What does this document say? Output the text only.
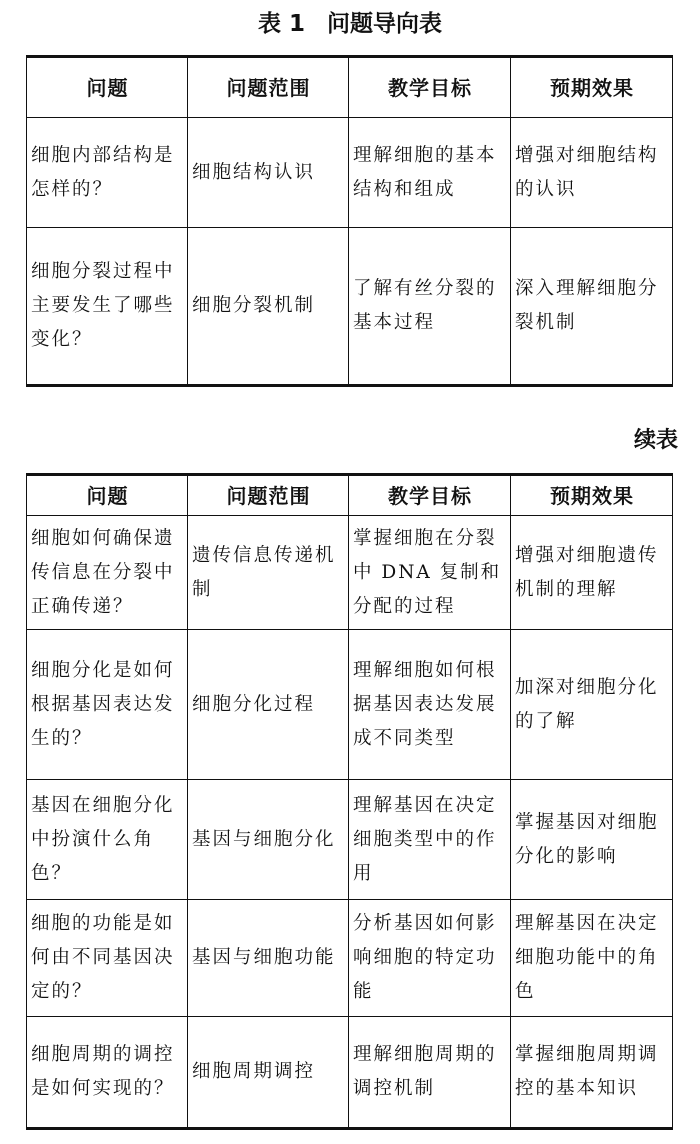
表 1 问题导向表
问题	问题范围	教学目标	预期效果
细胞内部结构是怎样的？	细胞结构认识	理解细胞的基本结构和组成	增强对细胞结构的认识
细胞分裂过程中主要发生了哪些变化？	细胞分裂机制	了解有丝分裂的基本过程	深入理解细胞分裂机制
续表
问题	问题范围	教学目标	预期效果
细胞如何确保遗传信息在分裂中正确传递？	遗传信息传递机制	掌握细胞在分裂中 DNA 复制和分配的过程	增强对细胞遗传机制的理解
细胞分化是如何根据基因表达发生的？	细胞分化过程	理解细胞如何根据基因表达发展成不同类型	加深对细胞分化的了解
基因在细胞分化中扮演什么角色？	基因与细胞分化	理解基因在决定细胞类型中的作用	掌握基因对细胞分化的影响
细胞的功能是如何由不同基因决定的？	基因与细胞功能	分析基因如何影响细胞的特定功能	理解基因在决定细胞功能中的角色
细胞周期的调控是如何实现的？	细胞周期调控	理解细胞周期的调控机制	掌握细胞周期调控的基本知识
